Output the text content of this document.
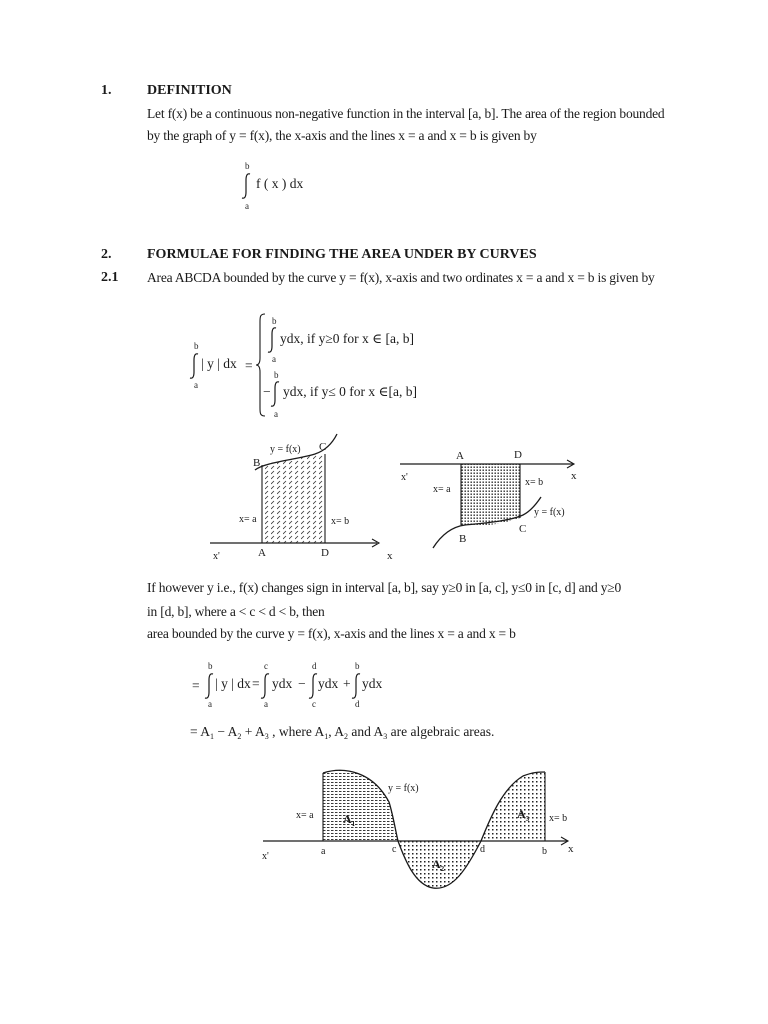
1.	DEFINITION
Let f(x) be a continuous non-negative function in the interval [a, b]. The area of the region bounded
by the graph of y = f(x), the x-axis and the lines x = a and x = b is given by
b
f ( x ) dx
a
2.	FORMULAE FOR FINDING THE AREA UNDER BY CURVES
2.1 Area ABCDA bounded by the curve y = f(x), x-axis and two ordinates x = a and x = b is given by
b
| y | dx
a
=
b
ydx, if y≥0 for x ∈ [a, b]
a
b
− ydx, if y≤ 0 for x ∈[a, b]
a
y = f(x) C
B
A	D
x= a	x= b
x'	x
A	D
B
C
y = f(x)
x= a
x= b
x'	x
If however y i.e., f(x) changes sign in interval [a, b], say y≥0 in [a, c], y≤0 in [c, d] and y≥0
in [d, b], where a < c < d < b, then
area bounded by the curve y = f(x), x-axis and the lines x = a and x = b
=
b
a
| y | dx =
c
a
ydx −
d
c
ydx +
b
d
ydx
= $A_1 - A_2 + A_3$ , where $A_1$, $A_2$ and $A_3$ are algebraic areas.
y = f(x)
x= a	x= b
x'
x
a	c	d	b
$A_1$
$A_2$
$A_3$
